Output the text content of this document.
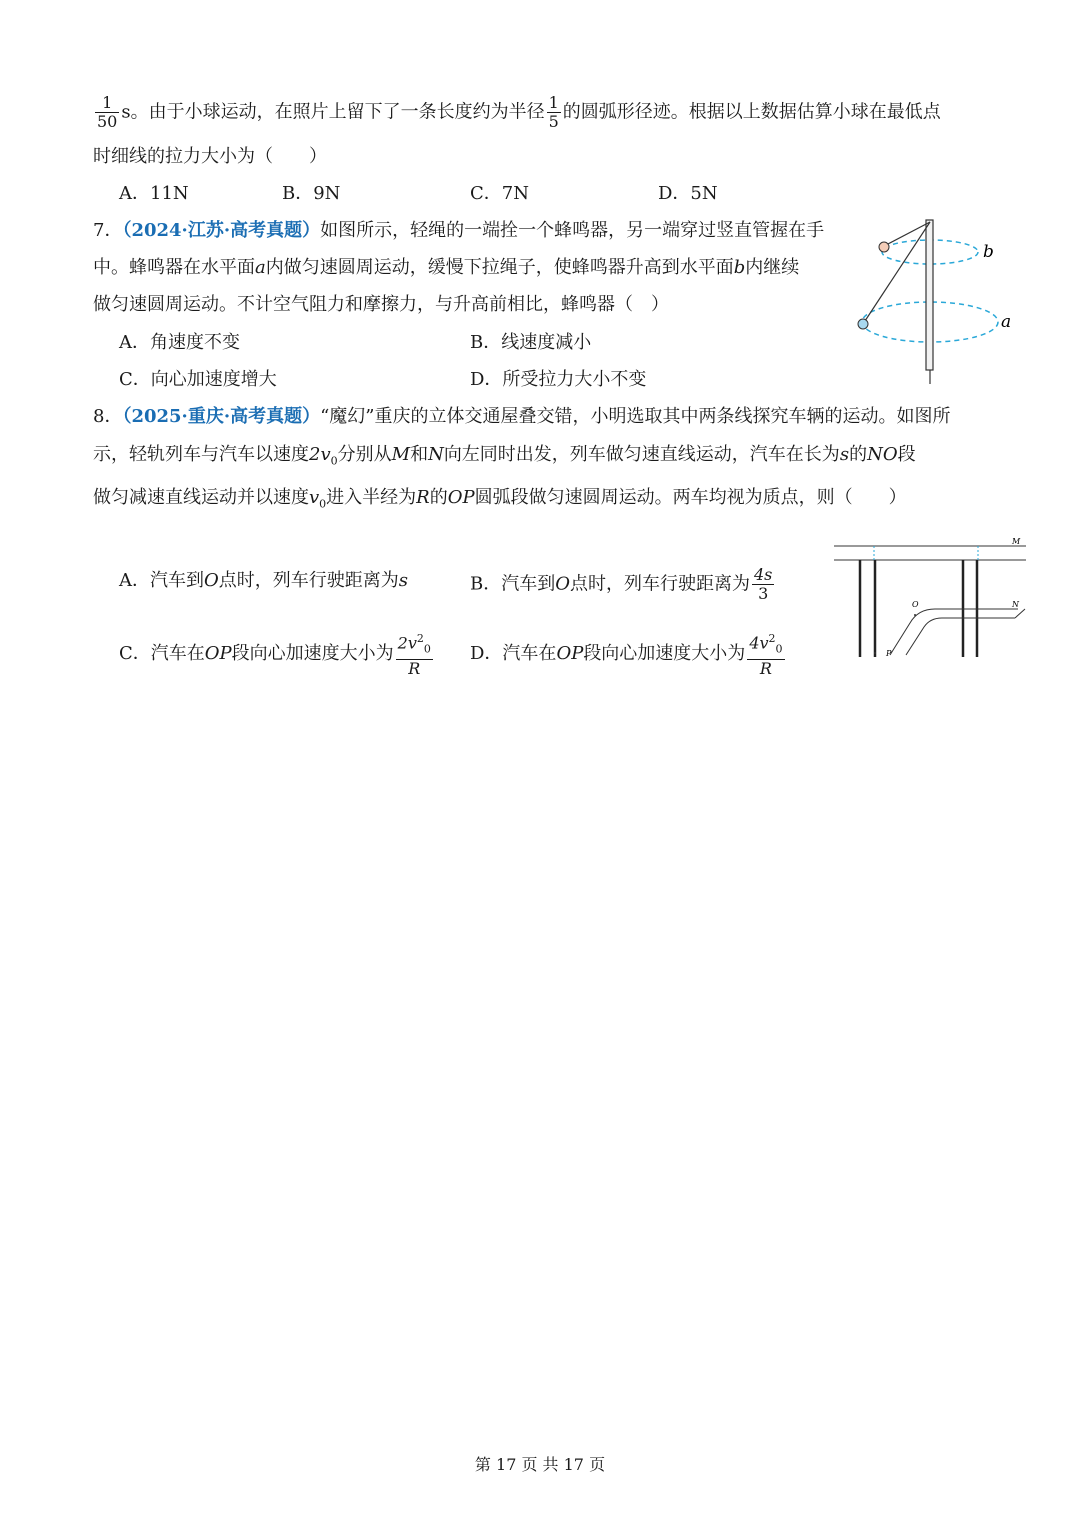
$\frac{1}{50}$ s。由于小球运动，在照片上留下了一条长度约为半径 $\frac{1}{5}$ 的圆弧形径迹。根据以上数据估算小球在最低点
时细线的拉力大小为（　　）
A．11N	B．9N	C．7N	D．5N
7．（2024·江苏·高考真题）如图所示，轻绳的一端拴一个蜂鸣器，另一端穿过竖直管握在手
中。蜂鸣器在水平面a内做匀速圆周运动，缓慢下拉绳子，使蜂鸣器升高到水平面b内继续
做匀速圆周运动。不计空气阻力和摩擦力，与升高前相比，蜂鸣器（　）
A．角速度不变	B．线速度减小
C．向心加速度增大	D．所受拉力大小不变
b
a
8．（2025·重庆·高考真题）“魔幻”重庆的立体交通屋叠交错，小明选取其中两条线探究车辆的运动。如图所
示，轻轨列车与汽车以速度$2v_0$分别从M和N向左同时出发，列车做匀速直线运动，汽车在长为s的NO段
做匀减速直线运动并以速度$v_0$进入半经为R的OP圆弧段做匀速圆周运动。两车均视为质点，则（　　）
A．汽车到O点时，列车行驶距离为s	B．汽车到O点时，列车行驶距离为 $\frac{4s}{3}$
C．汽车在OP段向心加速度大小为 $\frac{2v^2_0}{R}$ D．汽车在OP段向心加速度大小为 $\frac{4v^2_0}{R}$
M
N
O
P
第 17 页 共 17 页
